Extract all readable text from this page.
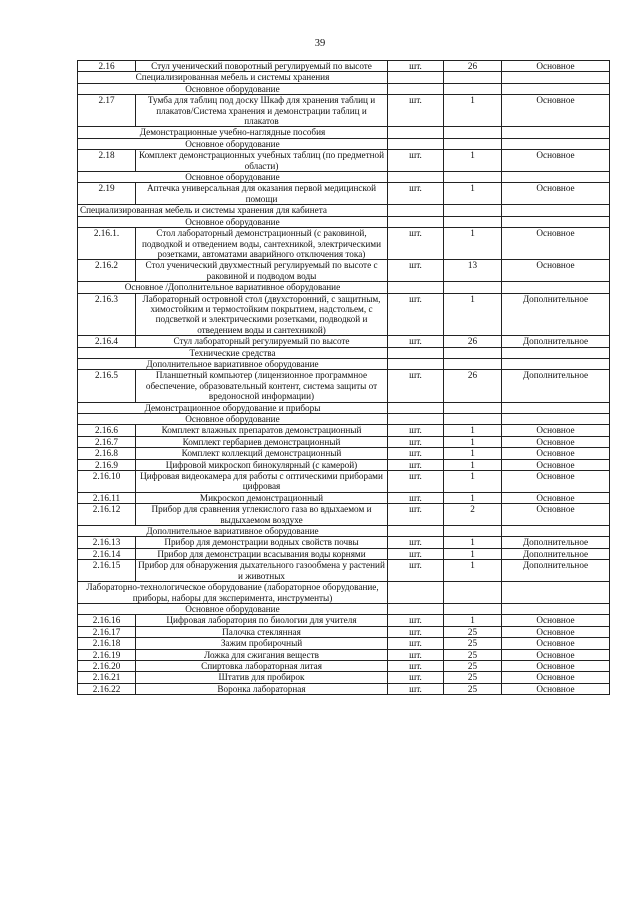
39
2.16	Стул ученический поворотный регулируемый по высоте	шт.	26	Основное
Специализированная мебель и системы хранения				
Основное оборудование				
2.17	Тумба для таблиц под доску Шкаф для хранения таблиц и плакатов/Система хранения и демонстрации таблиц и плакатов	шт.	1	Основное
Демонстрационные учебно-наглядные пособия				
Основное оборудование				
2.18	Комплект демонстрационных учебных таблиц (по предметной области)	шт.	1	Основное
Основное оборудование				
2.19	Аптечка универсальная для оказания первой медицинской помощи	шт.	1	Основное
Специализированная мебель и системы хранения для кабинета				
Основное оборудование				
2.16.1.	Стол лабораторный демонстрационный (с раковиной, подводкой и отведением воды, сантехникой, электрическими розетками, автоматами аварийного отключения тока)	шт.	1	Основное
2.16.2	Стол ученический двухместный регулируемый по высоте с раковиной и подводом воды	шт.	13	Основное
Основное /Дополнительное вариативное оборудование				
2.16.3	Лабораторный островной стол (двухсторонний, с защитным, химостойким и термостойким покрытием, надстольем, с подсветкой и электрическими розетками, подводкой и отведением воды и сантехникой)	шт.	1	Дополнительное
2.16.4	Стул лабораторный регулируемый по высоте	шт.	26	Дополнительное
Технические средства				
Дополнительное вариативное оборудование				
2.16.5	Планшетный компьютер (лицензионное программное обеспечение, образовательный контент, система защиты от вредоносной информации)	шт.	26	Дополнительное
Демонстрационное оборудование и приборы				
Основное оборудование				
2.16.6	Комплект влажных препаратов демонстрационный	шт.	1	Основное
2.16.7	Комплект гербариев демонстрационный	шт.	1	Основное
2.16.8	Комплект коллекций демонстрационный	шт.	1	Основное
2.16.9	Цифровой микроскоп бинокулярный (с камерой)	шт.	1	Основное
2.16.10	Цифровая видеокамера для работы с оптическими приборами цифровая	шт.	1	Основное
2.16.11	Микроскоп демонстрационный	шт.	1	Основное
2.16.12	Прибор для сравнения углекислого газа во вдыхаемом и выдыхаемом воздухе	шт.	2	Основное
Дополнительное вариативное оборудование				
2.16.13	Прибор для демонстрации водных свойств почвы	шт.	1	Дополнительное
2.16.14	Прибор для демонстрации всасывания воды корнями	шт.	1	Дополнительное
2.16.15	Прибор для обнаружения дыхательного газообмена у растений и животных	шт.	1	Дополнительное
Лабораторно-технологическое оборудование (лабораторное оборудование, приборы, наборы для эксперимента, инструменты)				
Основное оборудование				
2.16.16	Цифровая лаборатория по биологии для учителя	шт.	1	Основное
2.16.17	Палочка стеклянная	шт.	25	Основное
2.16.18	Зажим пробирочный	шт.	25	Основное
2.16.19	Ложка для сжигания веществ	шт.	25	Основное
2.16.20	Спиртовка лабораторная литая	шт.	25	Основное
2.16.21	Штатив для пробирок	шт.	25	Основное
2.16.22	Воронка лабораторная	шт.	25	Основное
